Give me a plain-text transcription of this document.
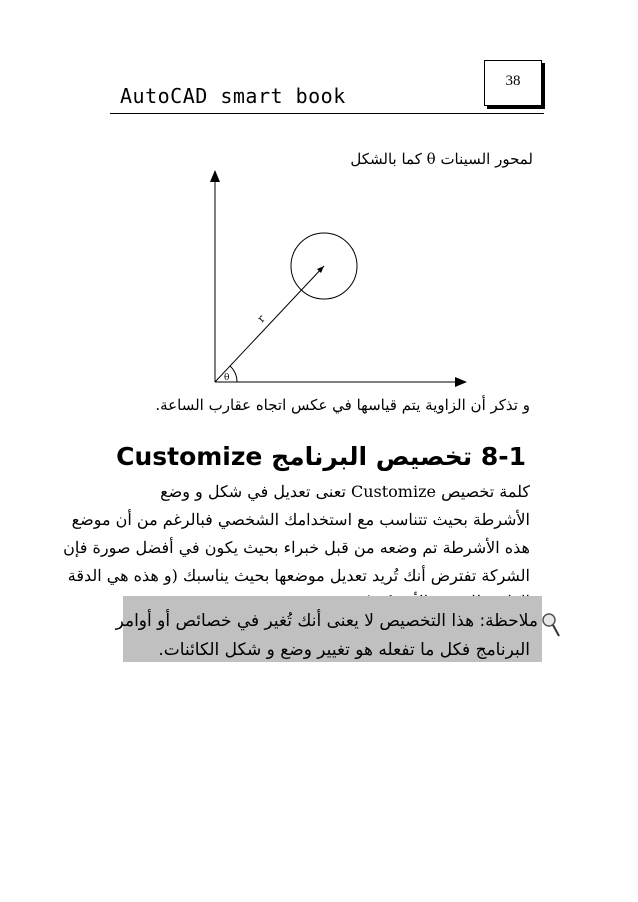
AutoCAD smart book
38
لمحور السينات θ كما بالشكل
θ
r
و تذكر أن الزاوية يتم قياسها في عكس اتجاه عقارب الساعة.
8-1 تخصيص البرنامج Customize
كلمة تخصيص Customize تعنى تعديل في شكل و وضع
الأشرطة بحيث تتناسب مع استخدامك الشخصي فبالرغم من أن موضع
هذه الأشرطة تم وضعه من قبل خبراء بحيث يكون في أفضل صورة فإن
الشركة تفترض أنك تُريد تعديل موضعها بحيث يناسبك (و هذه هي الدقة
ملاحظة: هذا التخصيص لا يعنى أنك تُغير في خصائص أو أوامر
البرنامج فكل ما تفعله هو تغيير وضع و شكل الكائنات.
